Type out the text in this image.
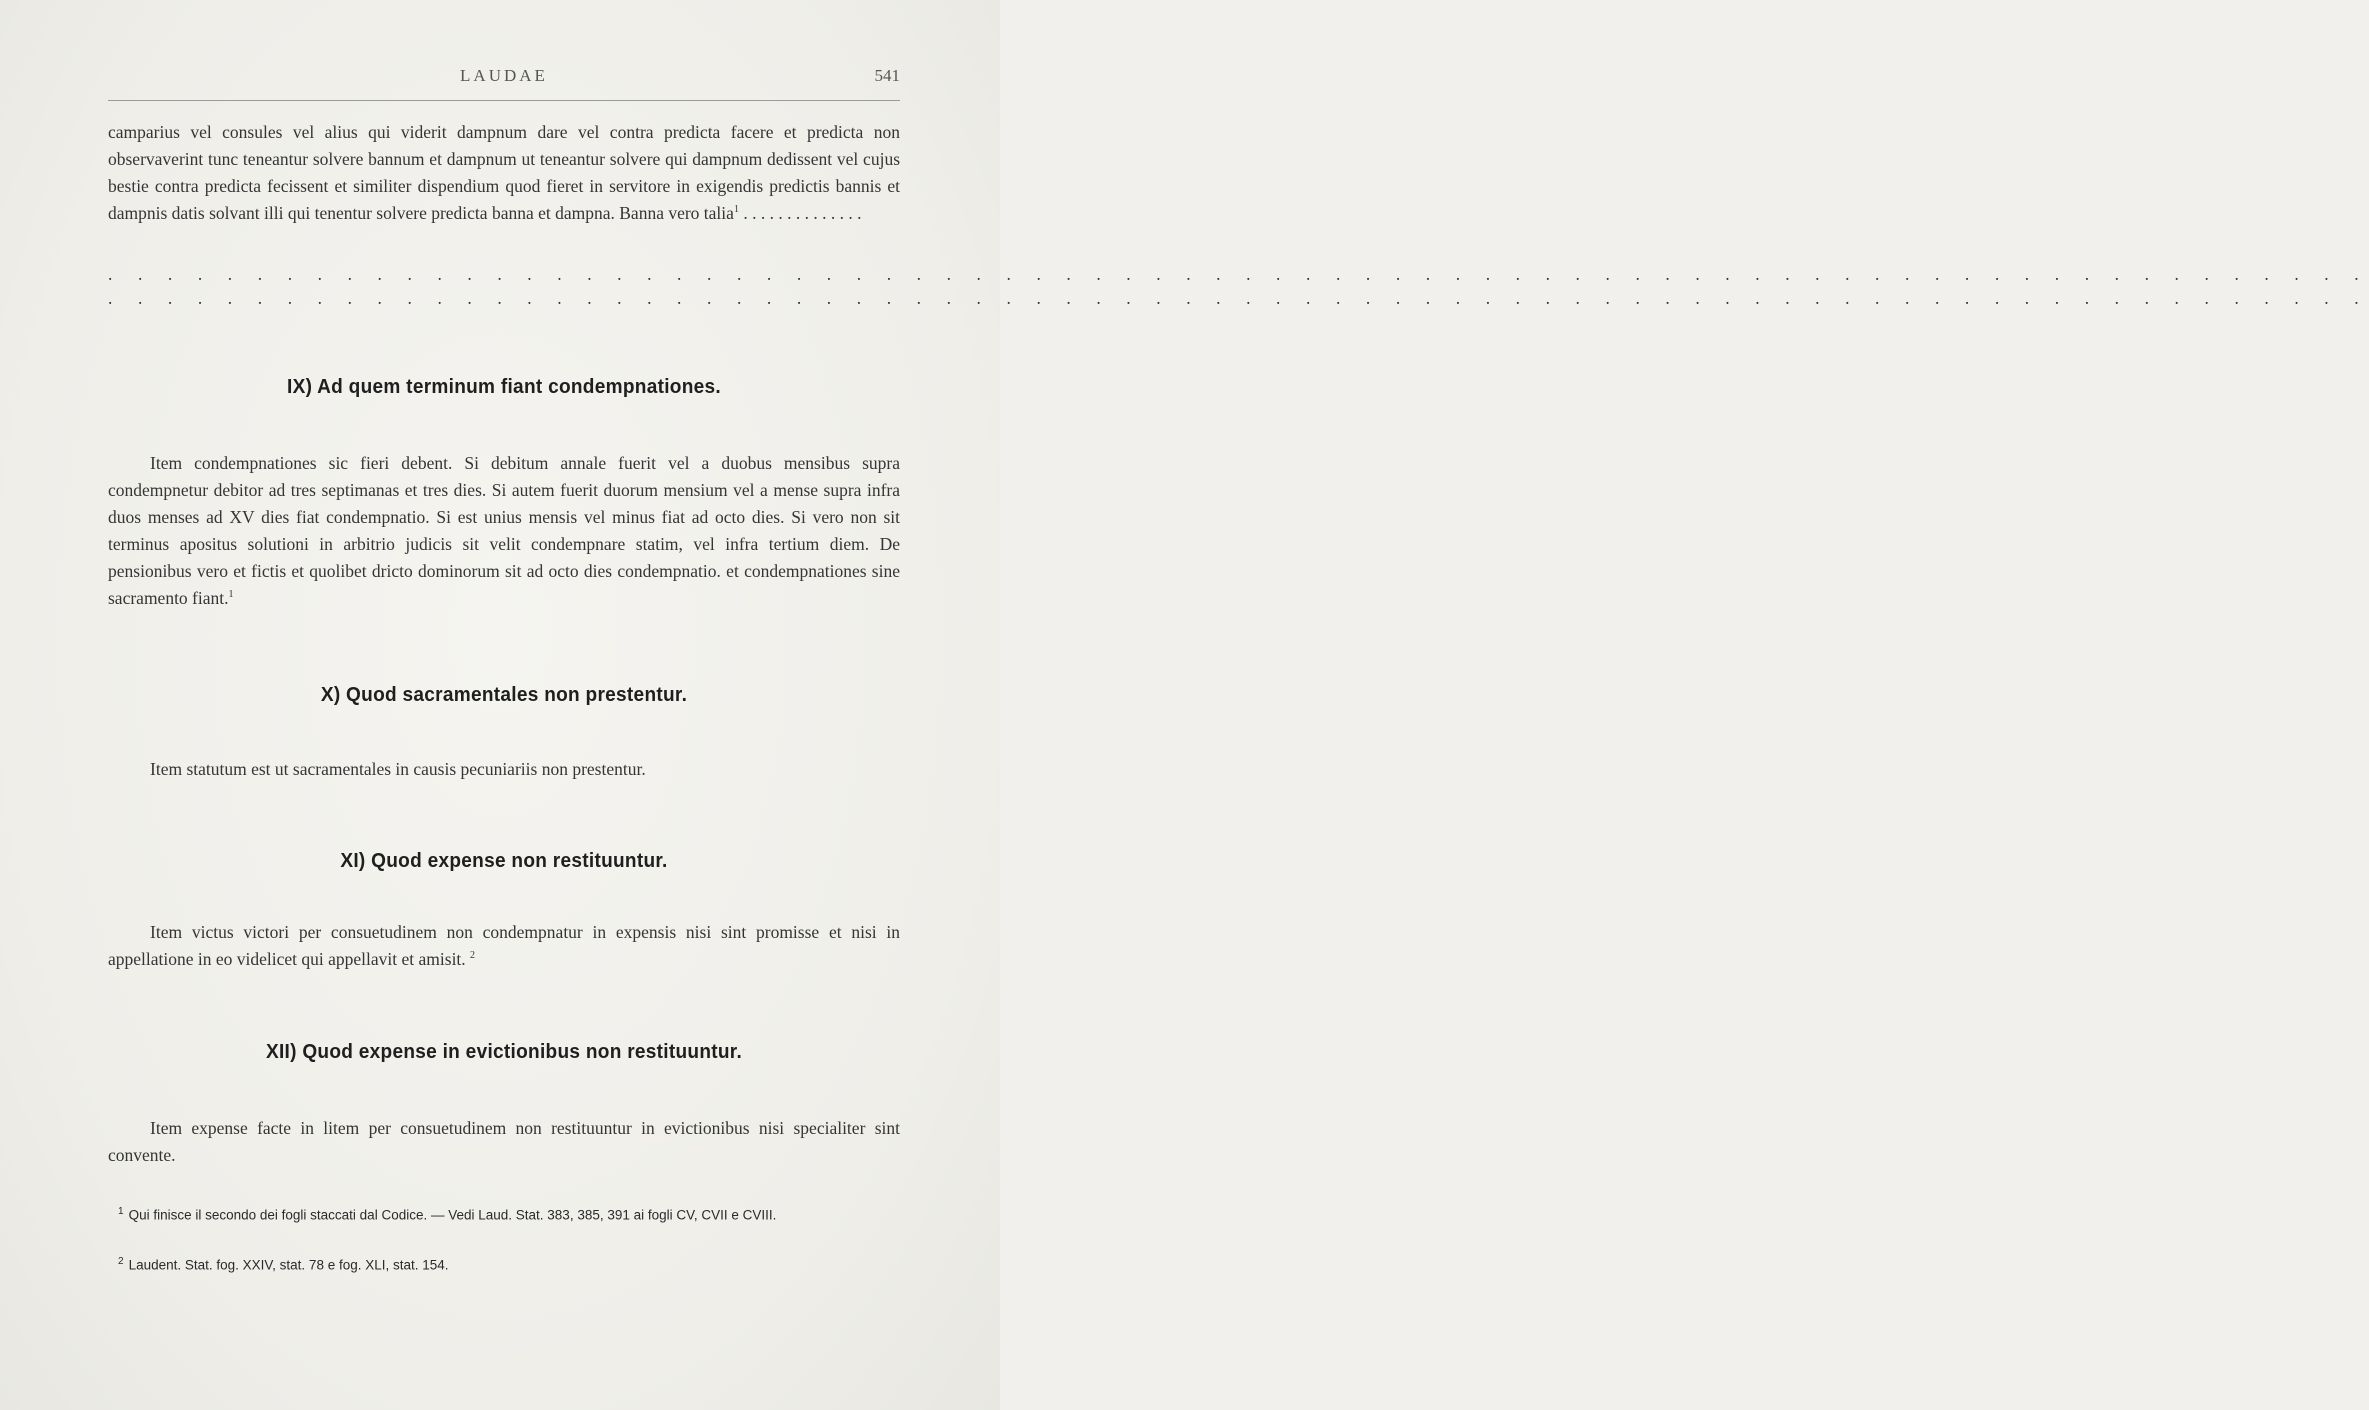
LAUDAE	541
camparius vel consules vel alius qui viderit dampnum dare vel contra predicta facere et predicta non observaverint tunc teneantur solvere bannum et dampnum ut teneantur solvere qui dampnum dedissent vel cujus bestie contra predicta fecissent et similiter dispendium quod fieret in servitore in exigendis predictis bannis et dampnis datis solvant illi qui tenentur solvere predicta banna et dampna. Banna vero talia$^1$ . . . . . . . . . . . . . .
. . . . . . . . . . . . . . . . . . . . . . . . . . . . . . . . . . . . . . . . . . . . . . . . . . . . . . . . . . . . . . . . . . . . . . . . . . . .
. . . . . . . . . . . . . . . . . . . . . . . . . . . . . . . . . . . . . . . . . . . . . . . . . . . . . . . . . . . . . . . . . . . . . . . . . . . .
IX) Ad quem terminum fiant condempnationes.
Item condempnationes sic fieri debent. Si debitum annale fuerit vel a duobus mensibus supra condempnetur debitor ad tres septimanas et tres dies. Si autem fuerit duorum mensium vel a mense supra infra duos menses ad XV dies fiat condempnatio. Si est unius mensis vel minus fiat ad octo dies. Si vero non sit terminus apositus solutioni in arbitrio judicis sit velit condempnare statim, vel infra tertium diem. De pensionibus vero et fictis et quolibet dricto dominorum sit ad octo dies condempnatio. et condempnationes sine sacramento fiant.$^1$
X) Quod sacramentales non prestentur.
Item statutum est ut sacramentales in causis pecuniariis non prestentur.
XI) Quod expense non restituuntur.
Item victus victori per consuetudinem non condempnatur in expensis nisi sint promisse et nisi in appellatione in eo videlicet qui appellavit et amisit. $^2$
XII) Quod expense in evictionibus non restituuntur.
Item expense facte in litem per consuetudinem non restituuntur in evictionibus nisi specialiter sint convente.
$^1$ Qui finisce il secondo dei fogli staccati dal Codice. — Vedi Laud. Stat. 383, 385, 391 ai fogli CV, CVII e CVIII.
$^2$ Laudent. Stat. fog. XXIV, stat. 78 e fog. XLI, stat. 154.
